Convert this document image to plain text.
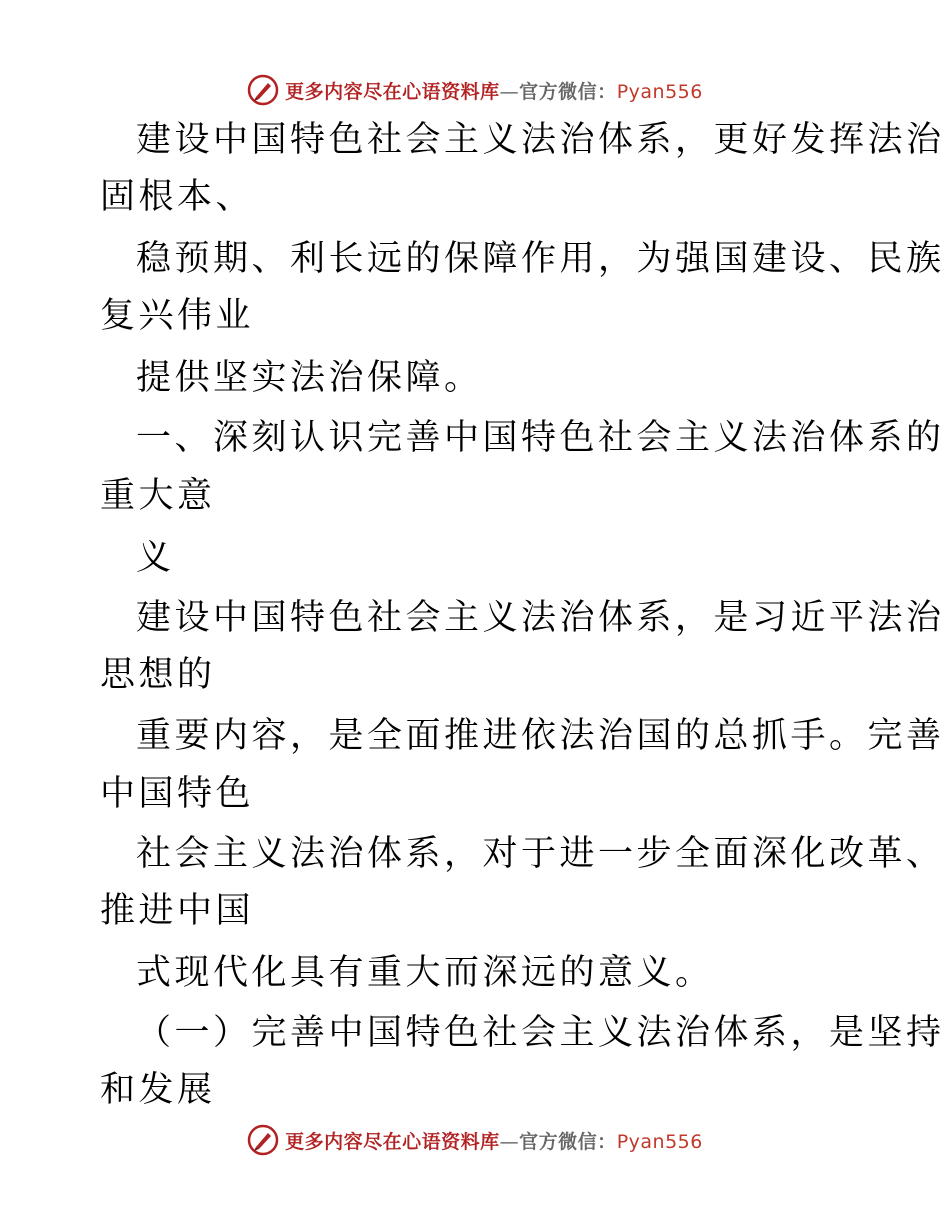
更多内容尽在心语资料库—官方微信：Pyan556
建设中国特色社会主义法治体系，更好发挥法治
固根本、
稳预期、利长远的保障作用，为强国建设、民族
复兴伟业
提供坚实法治保障。
一、深刻认识完善中国特色社会主义法治体系的
重大意
义
建设中国特色社会主义法治体系，是习近平法治
思想的
重要内容，是全面推进依法治国的总抓手。完善
中国特色
社会主义法治体系，对于进一步全面深化改革、
推进中国
式现代化具有重大而深远的意义。
（一）完善中国特色社会主义法治体系，是坚持
和发展
更多内容尽在心语资料库—官方微信：Pyan556
